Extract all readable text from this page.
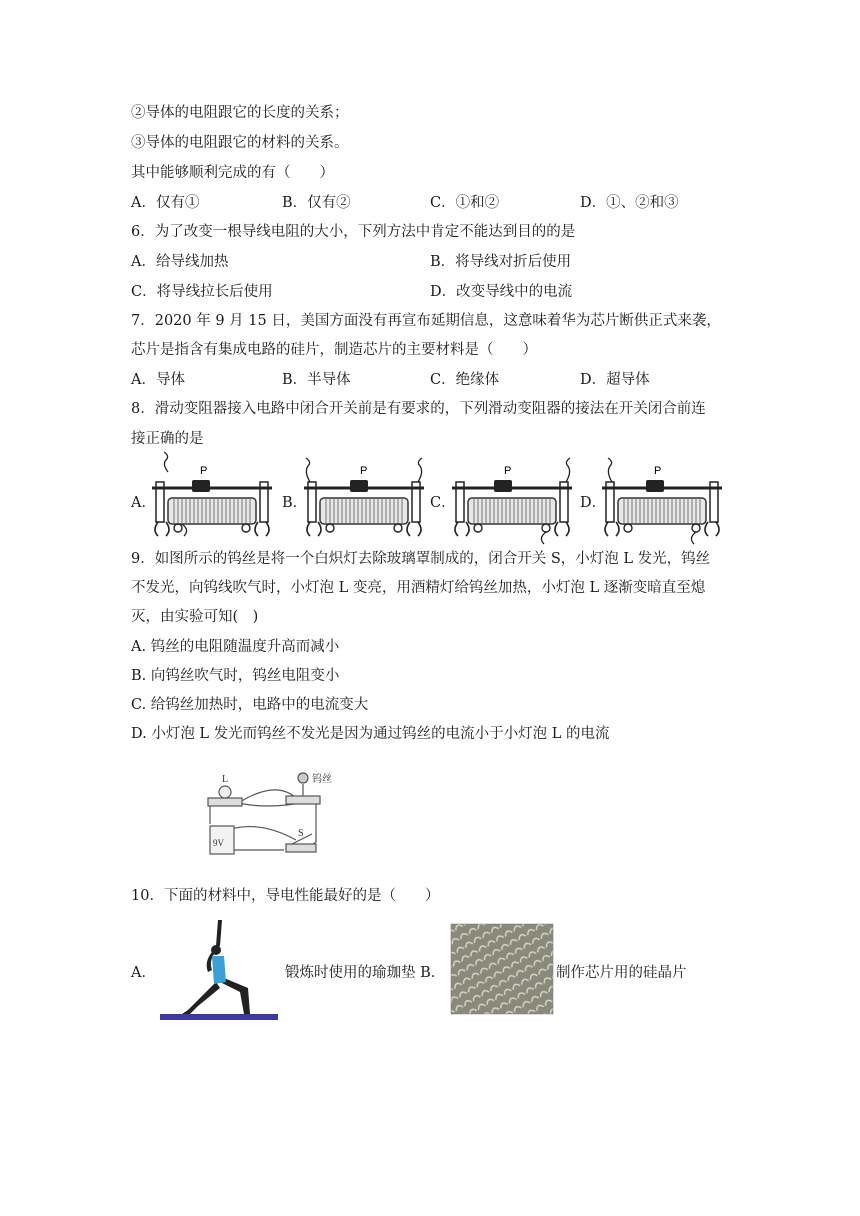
②导体的电阻跟它的长度的关系；
③导体的电阻跟它的材料的关系。
其中能够顺利完成的有（　　）
A．仅有①	B．仅有②	C．①和②	D．①、②和③
6．为了改变一根导线电阻的大小，下列方法中肯定不能达到目的的是
A．给导线加热	B．将导线对折后使用
C．将导线拉长后使用	D．改变导线中的电流
7．2020 年 9 月 15 日，美国方面没有再宣布延期信息，这意味着华为芯片断供正式来袭，
芯片是指含有集成电路的硅片，制造芯片的主要材料是（　　）
A．导体	B．半导体	C．绝缘体	D．超导体
8．滑动变阻器接入电路中闭合开关前是有要求的，下列滑动变阻器的接法在开关闭合前连
接正确的是
A．
P
B．
P
C．
P
D．
P
9．如图所示的钨丝是将一个白炽灯去除玻璃罩制成的，闭合开关 S，小灯泡 L 发光，钨丝
不发光，向钨线吹气时，小灯泡 L 变亮，用酒精灯给钨丝加热，小灯泡 L 逐渐变暗直至熄
灭，由实验可知(　)
A. 钨丝的电阻随温度升高而减小
B. 向钨丝吹气时，钨丝电阻变小
C. 给钨丝加热时，电路中的电流变大
D. 小灯泡 L 发光而钨丝不发光是因为通过钨丝的电流小于小灯泡 L 的电流
L	钨丝
9V
S
10．下面的材料中，导电性能最好的是（　　）
A．	锻炼时使用的瑜珈垫 B．	制作芯片用的硅晶片
